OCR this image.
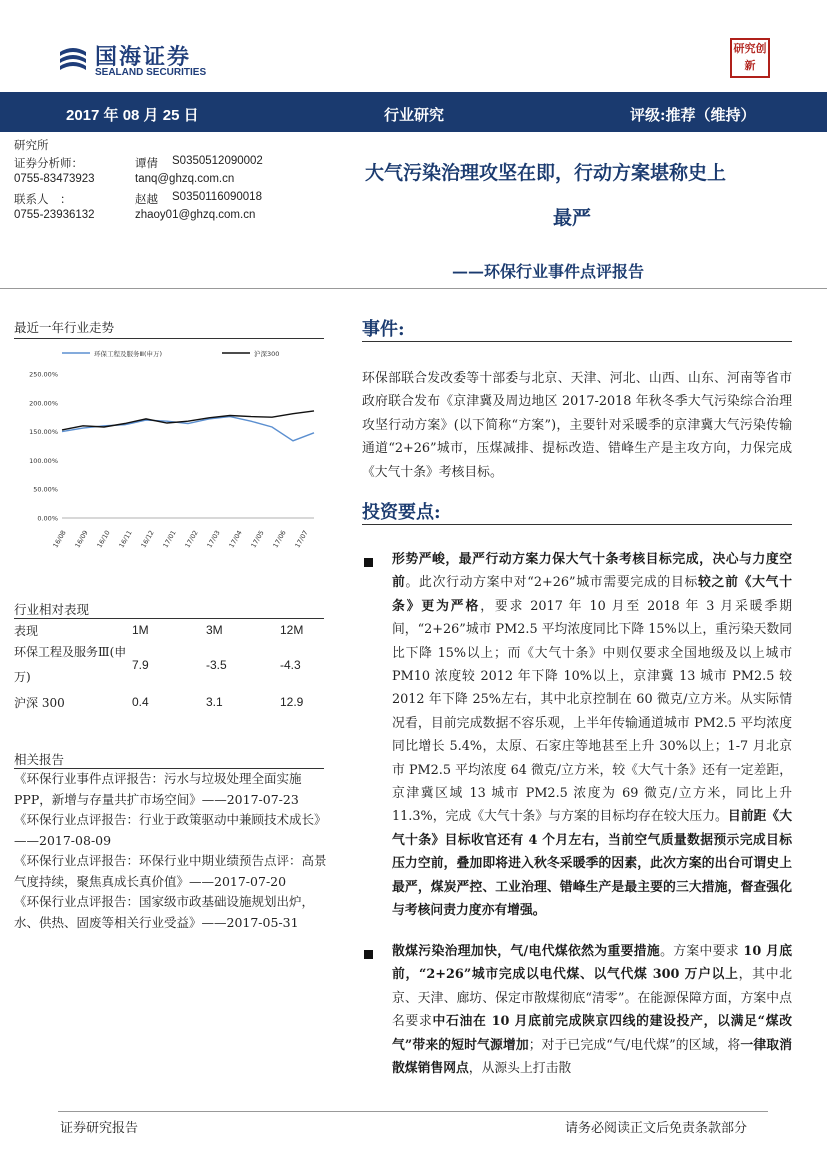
国海证券
SEALAND SECURITIES
研究创新
2017 年 08 月 25 日	行业研究	评级:推荐（维持）
研究所
证券分析师：	谭倩 S0350512090002
0755-83473923	tanq@ghzq.com.cn
联系人　：	赵越 S0350116090018
0755-23936132	zhaoy01@ghzq.com.cn
大气污染治理攻坚在即，行动方案堪称史上
最严
——环保行业事件点评报告
最近一年行业走势
0.00%
50.00%
100.00%
150.00%
200.00%
250.00%
16/08 16/09 16/10 16/11 16/12 17/01 17/02 17/03 17/04 17/05 17/06 17/07
环保工程及服务Ⅲ(申万)	沪深300
行业相对表现
表现	1M	3M	12M
环保工程及服务Ⅲ(申万)	7.9	-3.5	-4.3
沪深 300	0.4	3.1	12.9
相关报告
《环保行业事件点评报告：污水与垃圾处理全面实施 PPP，新增与存量共扩市场空间》——2017-07-23
《环保行业点评报告：行业于政策驱动中兼顾技术成长》——2017-08-09
《环保行业点评报告：环保行业中期业绩预告点评：高景气度持续，聚焦真成长真价值》——2017-07-20
《环保行业点评报告：国家级市政基础设施规划出炉，水、供热、固废等相关行业受益》——2017-05-31
事件:
环保部联合发改委等十部委与北京、天津、河北、山西、山东、河南等省市政府联合发布《京津冀及周边地区 2017-2018 年秋冬季大气污染综合治理攻坚行动方案》(以下简称“方案”)，主要针对采暖季的京津冀大气污染传输通道“2+26”城市，压煤减排、提标改造、错峰生产是主攻方向，力保完成《大气十条》考核目标。
投资要点:
形势严峻，最严行动方案力保大气十条考核目标完成，决心与力度空前。此次行动方案中对“2+26”城市需要完成的目标较之前《大气十条》更为严格，要求 2017 年 10 月至 2018 年 3 月采暖季期间，“2+26”城市 PM2.5 平均浓度同比下降 15%以上，重污染天数同比下降 15%以上；而《大气十条》中则仅要求全国地级及以上城市 PM10 浓度较 2012 年下降 10%以上，京津冀 13 城市 PM2.5 较 2012 年下降 25%左右，其中北京控制在 60 微克/立方米。从实际情况看，目前完成数据不容乐观，上半年传输通道城市 PM2.5 平均浓度同比增长 5.4%，太原、石家庄等地甚至上升 30%以上；1-7 月北京市 PM2.5 平均浓度 64 微克/立方米，较《大气十条》还有一定差距，京津冀区域 13 城市 PM2.5 浓度为 69 微克/立方米，同比上升 11.3%，完成《大气十条》与方案的目标均存在较大压力。目前距《大气十条》目标收官还有 4 个月左右，当前空气质量数据预示完成目标压力空前，叠加即将进入秋冬采暖季的因素，此次方案的出台可谓史上最严，煤炭严控、工业治理、错峰生产是最主要的三大措施，督查强化与考核问责力度亦有增强。
散煤污染治理加快，气/电代煤依然为重要措施。方案中要求 10 月底前，“2+26”城市完成以电代煤、以气代煤 300 万户以上，其中北京、天津、廊坊、保定市散煤彻底“清零”。在能源保障方面，方案中点名要求中石油在 10 月底前完成陕京四线的建设投产，以满足“煤改气”带来的短时气源增加；对于已完成“气/电代煤”的区域，将一律取消散煤销售网点，从源头上打击散
证券研究报告	请务必阅读正文后免责条款部分
